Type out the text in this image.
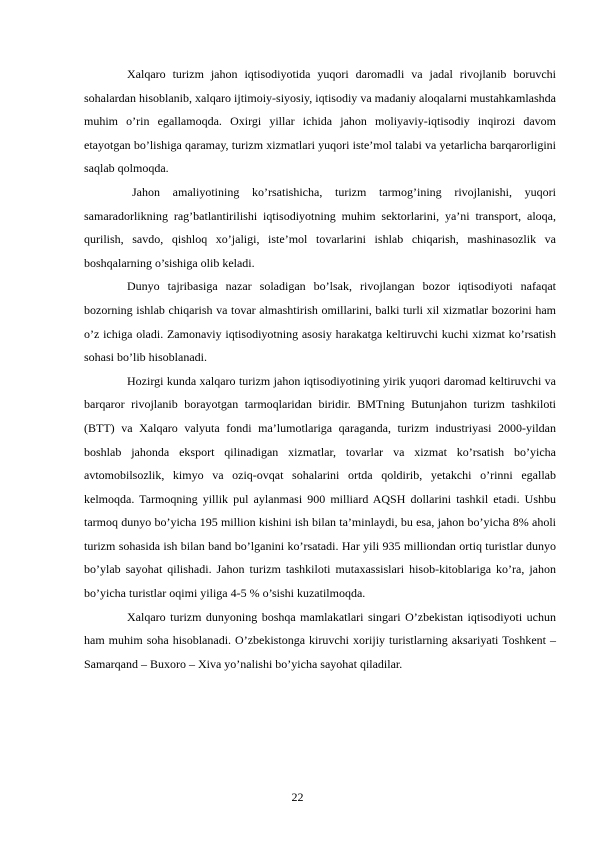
Xalqaro turizm jahon iqtisodiyotida yuqori daromadli va jadal rivojlanib boruvchi sohalardan hisoblanib, xalqaro ijtimoiy-siyosiy, iqtisodiy va madaniy aloqalarni mustahkamlashda muhim o’rin egallamoqda. Oxirgi yillar ichida jahon moliyaviy-iqtisodiy inqirozi davom etayotgan bo’lishiga qaramay, turizm xizmatlari yuqori iste’mol talabi va yetarlicha barqarorligini saqlab qolmoqda.

Jahon amaliyotining ko’rsatishicha, turizm tarmog’ining rivojlanishi, yuqori samaradorlikning rag’batlantirilishi iqtisodiyotning muhim sektorlarini, ya’ni transport, aloqa, qurilish, savdo, qishloq xo’jaligi, iste’mol tovarlarini ishlab chiqarish, mashinasozlik va boshqalarning o’sishiga olib keladi.

Dunyo tajribasiga nazar soladigan bo’lsak, rivojlangan bozor iqtisodiyoti nafaqat bozorning ishlab chiqarish va tovar almashtirish omillarini, balki turli xil xizmatlar bozorini ham o’z ichiga oladi. Zamonaviy iqtisodiyotning asosiy harakatga keltiruvchi kuchi xizmat ko’rsatish sohasi bo’lib hisoblanadi.

Hozirgi kunda xalqaro turizm jahon iqtisodiyotining yirik yuqori daromad keltiruvchi va barqaror rivojlanib borayotgan tarmoqlaridan biridir. BMTning Butunjahon turizm tashkiloti (BTT) va Xalqaro valyuta fondi ma’lumotlariga qaraganda, turizm industriyasi 2000-yildan boshlab jahonda eksport qilinadigan xizmatlar, tovarlar va xizmat ko’rsatish bo’yicha avtomobilsozlik, kimyo va oziq-ovqat sohalarini ortda qoldirib, yetakchi o’rinni egallab kelmoqda. Tarmoqning yillik pul aylanmasi 900 milliard AQSH dollarini tashkil etadi. Ushbu tarmoq dunyo bo’yicha 195 million kishini ish bilan ta’minlaydi, bu esa, jahon bo’yicha 8% aholi turizm sohasida ish bilan band bo’lganini ko’rsatadi. Har yili 935 milliondan ortiq turistlar dunyo bo’ylab sayohat qilishadi. Jahon turizm tashkiloti mutaxassislari hisob-kitoblariga ko’ra, jahon bo’yicha turistlar oqimi yiliga 4-5 % o’sishi kuzatilmoqda.

Xalqaro turizm dunyoning boshqa mamlakatlari singari O’zbekistan iqtisodiyoti uchun ham muhim soha hisoblanadi. O’zbekistonga kiruvchi xorijiy turistlarning aksariyati Toshkent – Samarqand – Buxoro – Xiva yo’nalishi bo’yicha sayohat qiladilar.

22
